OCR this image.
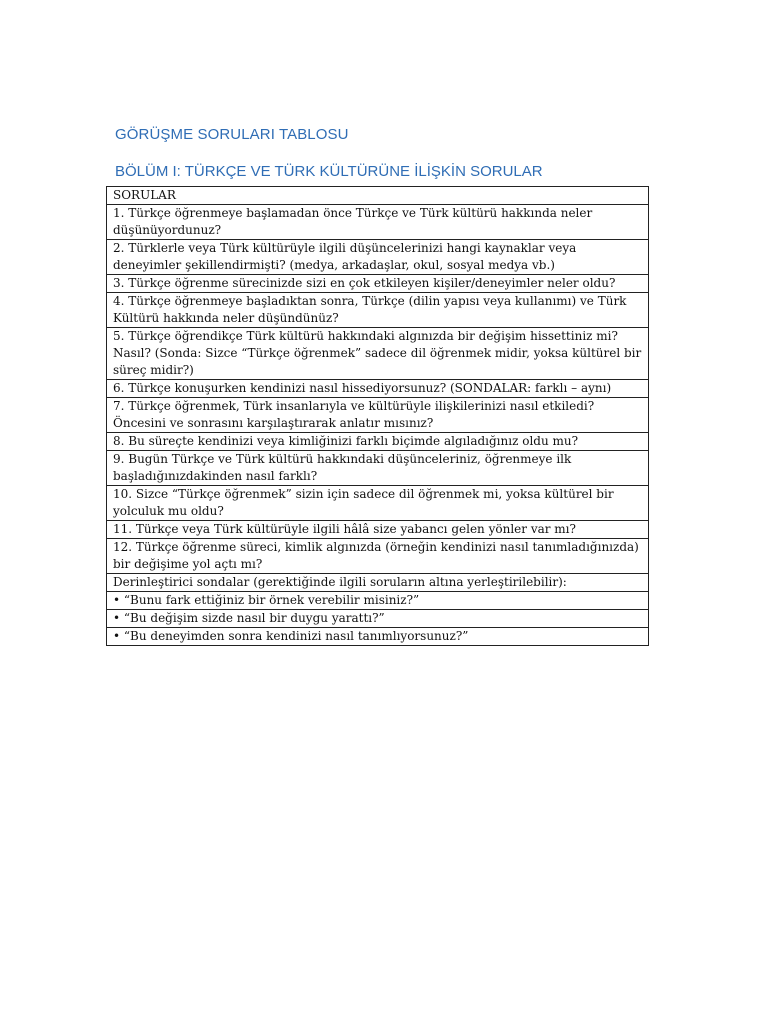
GÖRÜŞME SORULARI TABLOSU
BÖLÜM I: TÜRKÇE VE TÜRK KÜLTÜRÜNE İLİŞKİN SORULAR
SORULAR
1. Türkçe öğrenmeye başlamadan önce Türkçe ve Türk kültürü hakkında neler düşünüyordunuz?
2. Türklerle veya Türk kültürüyle ilgili düşüncelerinizi hangi kaynaklar veya deneyimler şekillendirmişti? (medya, arkadaşlar, okul, sosyal medya vb.)
3. Türkçe öğrenme sürecinizde sizi en çok etkileyen kişiler/deneyimler neler oldu?
4. Türkçe öğrenmeye başladıktan sonra, Türkçe (dilin yapısı veya kullanımı) ve Türk Kültürü hakkında neler düşündünüz?
5. Türkçe öğrendikçe Türk kültürü hakkındaki algınızda bir değişim hissettiniz mi? Nasıl? (Sonda: Sizce “Türkçe öğrenmek” sadece dil öğrenmek midir, yoksa kültürel bir süreç midir?)
6. Türkçe konuşurken kendinizi nasıl hissediyorsunuz? (SONDALAR: farklı – aynı)
7. Türkçe öğrenmek, Türk insanlarıyla ve kültürüyle ilişkilerinizi nasıl etkiledi? Öncesini ve sonrasını karşılaştırarak anlatır mısınız?
8. Bu süreçte kendinizi veya kimliğinizi farklı biçimde algıladığınız oldu mu?
9. Bugün Türkçe ve Türk kültürü hakkındaki düşünceleriniz, öğrenmeye ilk başladığınızdakinden nasıl farklı?
10. Sizce “Türkçe öğrenmek” sizin için sadece dil öğrenmek mi, yoksa kültürel bir yolculuk mu oldu?
11. Türkçe veya Türk kültürüyle ilgili hâlâ size yabancı gelen yönler var mı?
12. Türkçe öğrenme süreci, kimlik algınızda (örneğin kendinizi nasıl tanımladığınızda) bir değişime yol açtı mı?
Derinleştirici sondalar (gerektiğinde ilgili soruların altına yerleştirilebilir):
• “Bunu fark ettiğiniz bir örnek verebilir misiniz?”
• “Bu değişim sizde nasıl bir duygu yarattı?”
• “Bu deneyimden sonra kendinizi nasıl tanımlıyorsunuz?”
